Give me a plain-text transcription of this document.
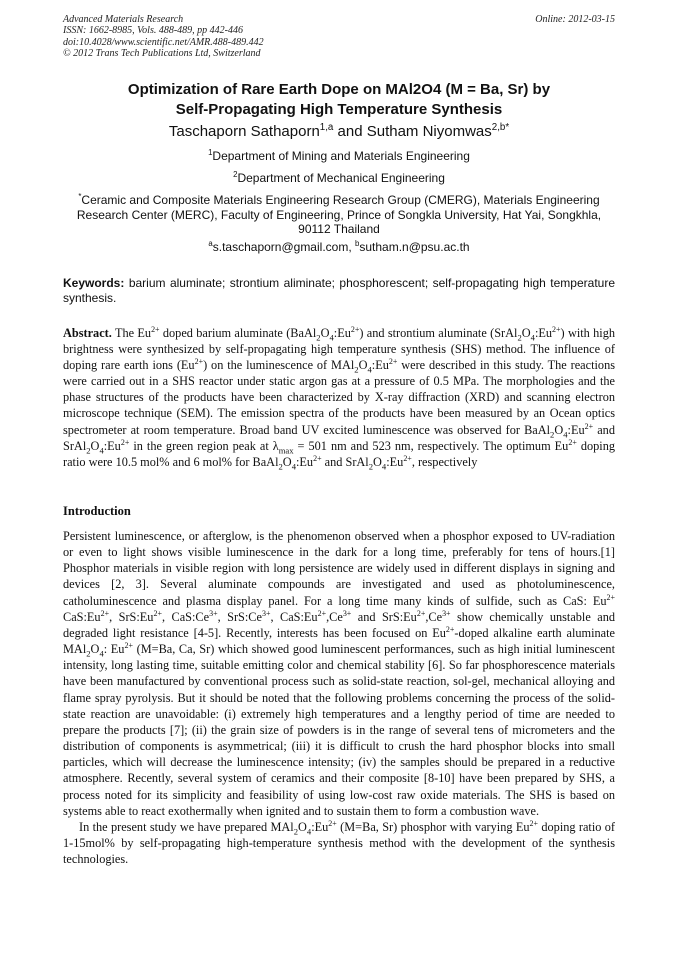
Advanced Materials Research
ISSN: 1662-8985, Vols. 488-489, pp 442-446
doi:10.4028/www.scientific.net/AMR.488-489.442
© 2012 Trans Tech Publications Ltd, Switzerland
Online: 2012-03-15
Optimization of Rare Earth Dope on MAl2O4 (M = Ba, Sr) by
Self-Propagating High Temperature Synthesis
Taschaporn Sathaporn$^{1,a}$ and Sutham Niyomwas$^{2,b*}$
$^1$Department of Mining and Materials Engineering
$^2$Department of Mechanical Engineering
*Ceramic and Composite Materials Engineering Research Group (CMERG), Materials Engineering Research Center (MERC), Faculty of Engineering, Prince of Songkla University, Hat Yai, Songkhla, 90112 Thailand
$^a$s.taschaporn@gmail.com, $^b$sutham.n@psu.ac.th
Keywords: barium aluminate; strontium aliminate; phosphorescent; self-propagating high temperature synthesis.
Abstract. The $Eu^{2+}$ doped barium aluminate $(BaAl_2O_4:Eu^{2+})$ and strontium aluminate $(SrAl_2O_4:Eu^{2+})$ with high brightness were synthesized by self-propagating high temperature synthesis (SHS) method. The influence of doping rare earth ions $(Eu^{2+})$ on the luminescence of $MAl_2O_4:Eu^{2+}$ were described in this study. The reactions were carried out in a SHS reactor under static argon gas at a pressure of 0.5 MPa. The morphologies and the phase structures of the products have been characterized by X-ray diffraction (XRD) and scanning electron microscope technique (SEM). The emission spectra of the products have been measured by an Ocean optics spectrometer at room temperature. Broad band UV excited luminescence was observed for $BaAl_2O_4:Eu^{2+}$ and $SrAl_2O_4:Eu^{2+}$ in the green region peak at $\lambda_{max} = 501$ nm and 523 nm, respectively. The optimum $Eu^{2+}$ doping ratio were 10.5 mol% and 6 mol% for $BaAl_2O_4:Eu^{2+}$ and $SrAl_2O_4:Eu^{2+}$, respectively
Introduction

Persistent luminescence, or afterglow, is the phenomenon observed when a phosphor exposed to UV-radiation or even to light shows visible luminescence in the dark for a long time, preferably for tens of hours.[1] Phosphor materials in visible region with long persistence are widely used in different displays in signing and devices [2, 3]. Several aluminate compounds are investigated and used as photoluminescence, catholuminescence and plasma display panel. For a long time many kinds of sulfide, such as CaS: $Eu^{2+}$ $CaS:Eu^{2+}$, $SrS:Eu^{2+}$, $CaS:Ce^{3+}$, $SrS:Ce^{3+}$, $CaS:Eu^{2+},Ce^{3+}$ and $SrS:Eu^{2+},Ce^{3+}$ show chemically unstable and degraded light resistance [4-5]. Recently, interests has been focused on $Eu^{2+}$-doped alkaline earth aluminate $MAl_2O_4$: $Eu^{2+}$ (M=Ba, Ca, Sr) which showed good luminescent performances, such as high initial luminescent intensity, long lasting time, suitable emitting color and chemical stability [6]. So far phosphorescence materials have been manufactured by conventional process such as solid-state reaction, sol-gel, mechanical alloying and flame spray pyrolysis. But it should be noted that the following problems concerning the process of the solid-state reaction are unavoidable: (i) extremely high temperatures and a lengthy period of time are needed to prepare the products [7]; (ii) the grain size of powders is in the range of several tens of micrometers and the distribution of components is asymmetrical; (iii) it is difficult to crush the hard phosphor blocks into small particles, which will decrease the luminescence intensity; (iv) the samples should be prepared in a reductive atmosphere. Recently, several system of ceramics and their composite [8-10] have been prepared by SHS, a process noted for its simplicity and feasibility of using low-cost raw oxide materials. The SHS is based on systems able to react exothermally when ignited and to sustain them to form a combustion wave.

In the present study we have prepared $MAl_2O_4:Eu^{2+}$ (M=Ba, Sr) phosphor with varying $Eu^{2+}$ doping ratio of 1-15mol% by self-propagating high-temperature synthesis method with the development of the synthesis technologies.
